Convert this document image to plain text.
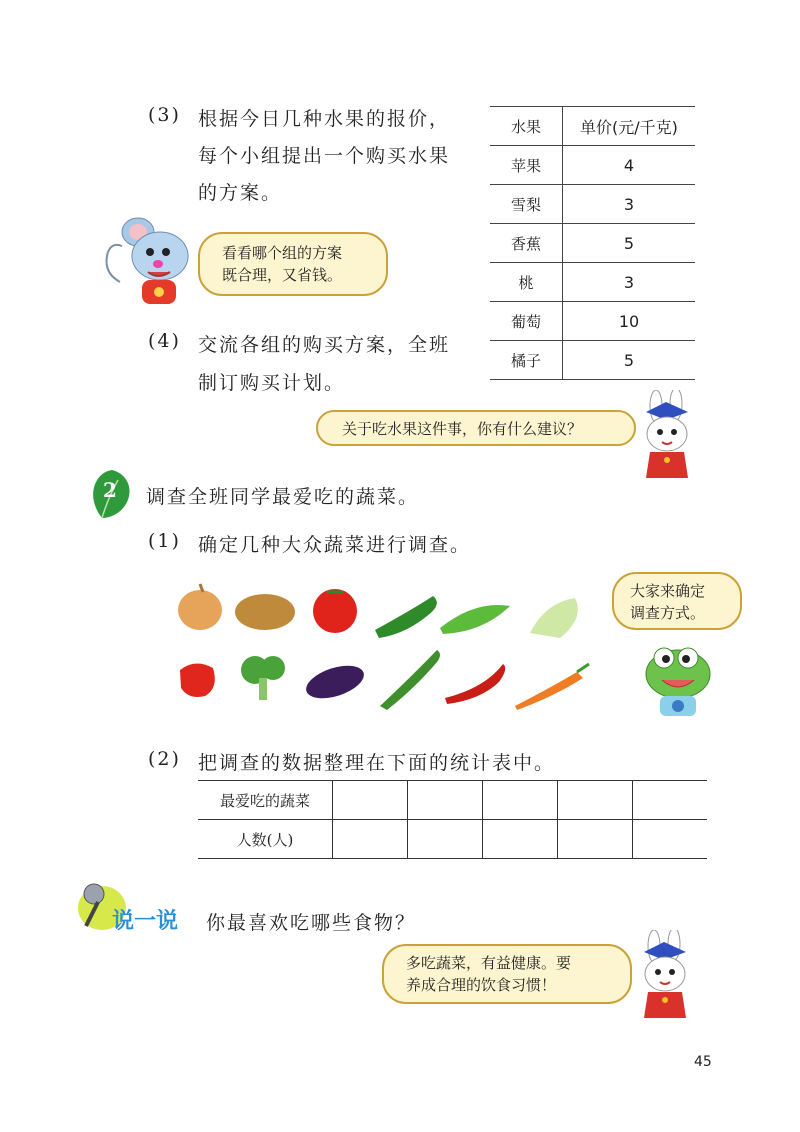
(3) 根据今日几种水果的报价，
每个小组提出一个购买水果
的方案。
水果	单价(元/千克)
苹果	4
雪梨	3
香蕉	5
桃	3
葡萄	10
橘子	5
看看哪个组的方案
既合理，又省钱。
(4) 交流各组的购买方案，全班
制订购买计划。
关于吃水果这件事，你有什么建议？
2 调查全班同学最爱吃的蔬菜。
(1) 确定几种大众蔬菜进行调查。
大家来确定
调查方式。
(2) 把调查的数据整理在下面的统计表中。
最爱吃的蔬菜					
人数(人)					
说一说 你最喜欢吃哪些食物？
多吃蔬菜，有益健康。要
养成合理的饮食习惯！
45
